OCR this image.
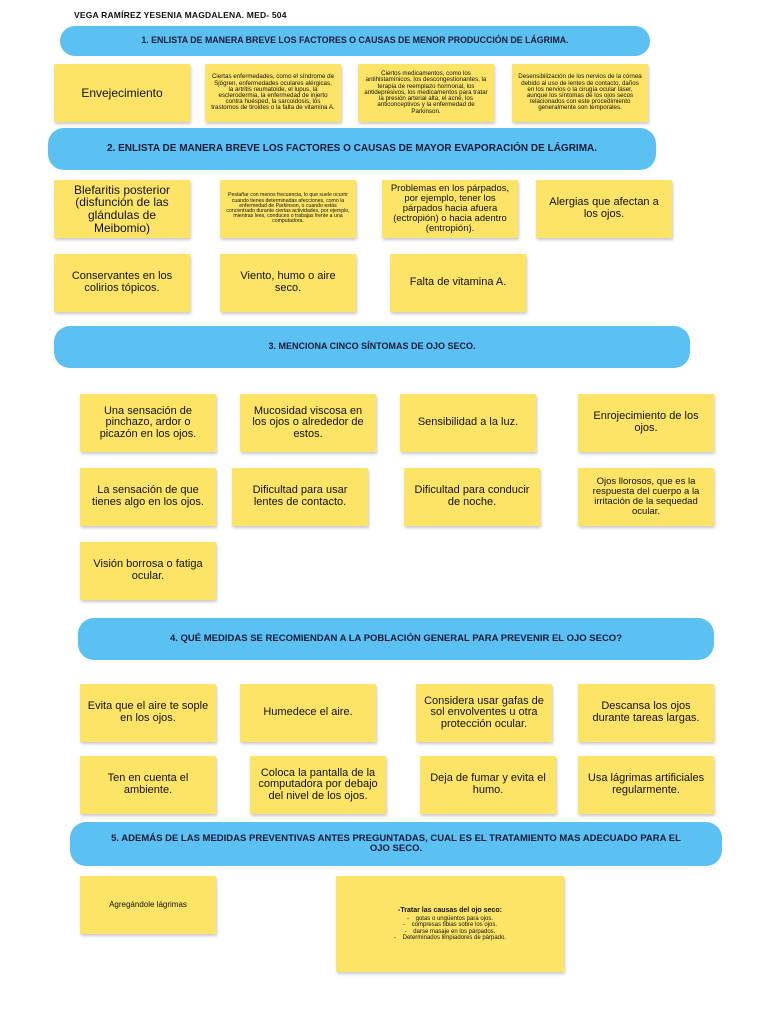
VEGA RAMÍREZ YESENIA MAGDALENA. MED- 504
1. ENLISTA DE MANERA BREVE LOS FACTORES O CAUSAS DE MENOR PRODUCCIÓN DE LÁGRIMA.
Envejecimiento
Ciertas enfermedades, como el síndrome de Sjögren, enfermedades oculares alérgicas, la artritis reumatoide, el lupus, la esclerodermia, la enfermedad de injerto contra huésped, la sarcoidosis, los trastornos de tiroides o la falta de vitamina A.
Ciertos medicamentos, como los antihistamínicos, los descongestionantes, la terapia de reemplazo hormonal, los antidepresivos, los medicamentos para tratar la presión arterial alta, el acné, los anticonceptivos y la enfermedad de Parkinson.
Desensibilización de los nervios de la córnea debido al uso de lentes de contacto, daños en los nervios o la cirugía ocular láser, aunque los síntomas de los ojos secos relacionados con este procedimiento generalmente son temporales.
2. ENLISTA DE MANERA BREVE LOS FACTORES O CAUSAS DE MAYOR EVAPORACIÓN DE LÁGRIMA.
Blefaritis posterior (disfunción de las glándulas de Meibomio)
Pestañar con menos frecuencia, lo que suele ocurrir cuando tienes determinadas afecciones, como la enfermedad de Parkinson, o cuando estás concentrado durante ciertas actividades, por ejemplo, mientras lees, conduces o trabajas frente a una computadora.
Problemas en los párpados, por ejemplo, tener los párpados hacia afuera (ectropión) o hacia adentro (entropión).
Alergias que afectan a los ojos.
Conservantes en los colirios tópicos.
Viento, humo o aire seco.	Falta de vitamina A.
3. MENCIONA CINCO SÍNTOMAS DE OJO SECO.
Una sensación de pinchazo, ardor o picazón en los ojos.
Mucosidad viscosa en los ojos o alrededor de estos.
Sensibilidad a la luz.	Enrojecimiento de los ojos.
La sensación de que tienes algo en los ojos.
Dificultad para usar lentes de contacto.
Dificultad para conducir de noche.
Ojos llorosos, que es la respuesta del cuerpo a la irritación de la sequedad ocular.
Visión borrosa o fatiga ocular.
4. QUÉ MEDIDAS SE RECOMIENDAN A LA POBLACIÓN GENERAL PARA PREVENIR EL OJO SECO?
Evita que el aire te sople en los ojos.	Humedece el aire.
Considera usar gafas de sol envolventes u otra protección ocular.
Descansa los ojos durante tareas largas.
Ten en cuenta el ambiente.
Coloca la pantalla de la computadora por debajo del nivel de los ojos.
Deja de fumar y evita el humo.
Usa lágrimas artificiales regularmente.
5. ADEMÁS DE LAS MEDIDAS PREVENTIVAS ANTES PREGUNTADAS, CUAL ES EL TRATAMIENTO MAS ADECUADO PARA EL OJO SECO.
Agregándole lágrimas
-Tratar las causas del ojo seco:
- gotas o ungüentos para ojos.
- compresas tibias sobre los ojos.
- darse masaje en los párpados.
- Determinados limpiadores de párpado.
